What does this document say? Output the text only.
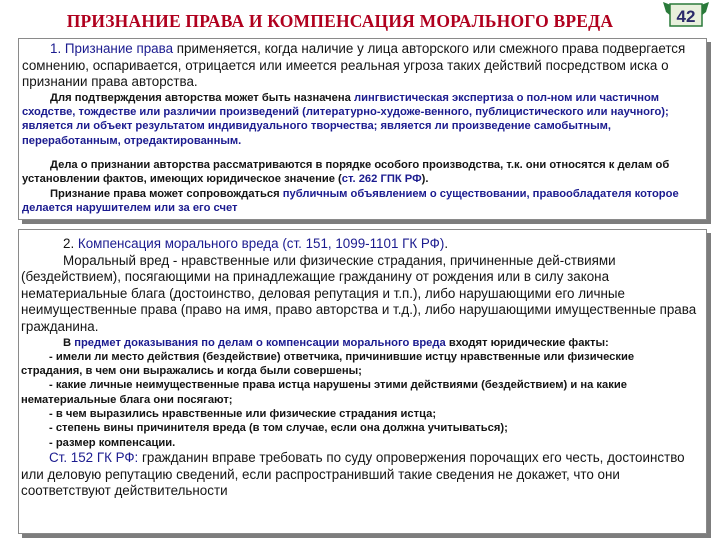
ПРИЗНАНИЕ ПРАВА И КОМПЕНСАЦИЯ МОРАЛЬНОГО ВРЕДА	42

1. Признание права применяется, когда наличие у лица авторского или смежного права подвергается сомнению, оспаривается, отрицается или имеется реальная угроза таких действий посредством иска о признании права авторства.

Для подтверждения авторства может быть назначена лингвистическая экспертиза о пол-ном или частичном сходстве, тождестве или различии произведений (литературно-художе-венного, публицистического или научного); является ли объект результатом индивидуального творчества; является ли произведение самобытным, переработанным, отредактированным.

Дела о признании авторства рассматриваются в порядке особого производства, т.к. они относятся к делам об установлении фактов, имеющих юридическое значение (ст. 262 ГПК РФ).

Признание права может сопровождаться публичным объявлением о существовании, правообладателя которое делается нарушителем или за его счет

2. Компенсация морального вреда (ст. 151, 1099-1101 ГК РФ).

Моральный вред - нравственные или физические страдания, причиненные дей-ствиями (бездействием), посягающими на принадлежащие гражданину от рождения или в силу закона нематериальные блага (достоинство, деловая репутация и т.п.), либо нарушающими его личные неимущественные права (право на имя, право авторства и т.д.), либо нарушающими имущественные права гражданина.

В предмет доказывания по делам о компенсации морального вреда входят юридические факты:

- имели ли место действия (бездействие) ответчика, причинившие истцу нравственные или физические страдания, в чем они выражались и когда были совершены;

- какие личные неимущественные права истца нарушены этими действиями (бездействием) и на какие нематериальные блага они посягают;

- в чем выразились нравственные или физические страдания истца;

- степень вины причинителя вреда (в том случае, если она должна учитываться);

- размер компенсации.

Ст. 152 ГК РФ: гражданин вправе требовать по суду опровержения порочащих его честь, достоинство или деловую репутацию сведений, если распространивший такие сведения не докажет, что они соответствуют действительности
